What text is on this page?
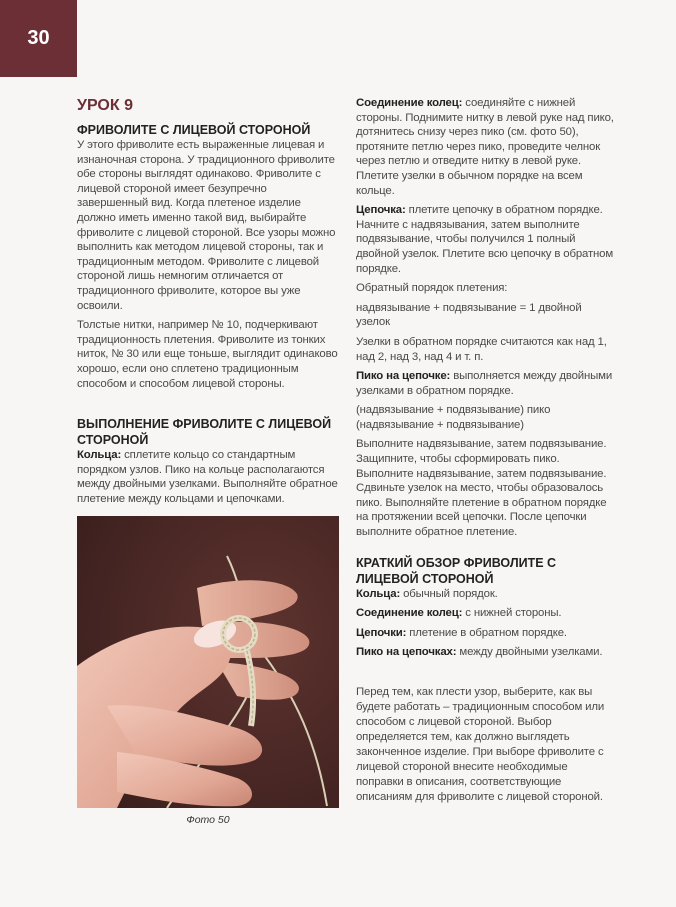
30
УРОК 9
ФРИВОЛИТЕ С ЛИЦЕВОЙ СТОРОНОЙ

У этого фриволите есть выраженные лицевая и изнаночная сторона. У традиционного фриволите обе стороны выглядят одинаково. Фриволите с лицевой стороной имеет безупречно завершенный вид. Когда плетеное изделие должно иметь именно такой вид, выбирайте фриволите с лицевой стороной. Все узоры можно выполнить как методом лицевой стороны, так и традиционным методом. Фриволите с лицевой стороной лишь немногим отличается от традиционного фриволите, которое вы уже освоили.

Толстые нитки, например № 10, подчеркивают традиционность плетения. Фриволите из тонких ниток, № 30 или еще тоньше, выглядит одинаково хорошо, если оно сплетено традиционным способом и способом лицевой стороны.

ВЫПОЛНЕНИЕ ФРИВОЛИТЕ С ЛИЦЕВОЙ СТОРОНОЙ

Кольца: сплетите кольцо со стандартным порядком узлов. Пико на кольце располагаются между двойными узелками. Выполняйте обратное плетение между кольцами и цепочками.

Фото 50

Соединение колец: соединяйте с нижней стороны. Поднимите нитку в левой руке над пико, дотянитесь снизу через пико (см. фото 50), протяните петлю через пико, проведите челнок через петлю и отведите нитку в левой руке. Плетите узелки в обычном порядке на всем кольце.

Цепочка: плетите цепочку в обратном порядке. Начните с надвязывания, затем выполните подвязывание, чтобы получился 1 полный двойной узелок. Плетите всю цепочку в обратном порядке.

Обратный порядок плетения:

надвязывание + подвязывание = 1 двойной узелок

Узелки в обратном порядке считаются как над 1, над 2, над 3, над 4 и т. п.

Пико на цепочке: выполняется между двойными узелками в обратном порядке.

(надвязывание + подвязывание) пико (надвязывание + подвязывание)

Выполните надвязывание, затем подвязывание. Защипните, чтобы сформировать пико. Выполните надвязывание, затем подвязывание. Сдвиньте узелок на место, чтобы образовалось пико. Выполняйте плетение в обратном порядке на протяжении всей цепочки. После цепочки выполните обратное плетение.

КРАТКИЙ ОБЗОР ФРИВОЛИТЕ С ЛИЦЕВОЙ СТОРОНОЙ

Кольца: обычный порядок.

Соединение колец: с нижней стороны.

Цепочки: плетение в обратном порядке.

Пико на цепочках: между двойными узелками.

Перед тем, как плести узор, выберите, как вы будете работать – традиционным способом или способом с лицевой стороной. Выбор определяется тем, как должно выглядеть законченное изделие. При выборе фриволите с лицевой стороной внесите необходимые поправки в описания, соответствующие описаниям для фриволите с лицевой стороной.
